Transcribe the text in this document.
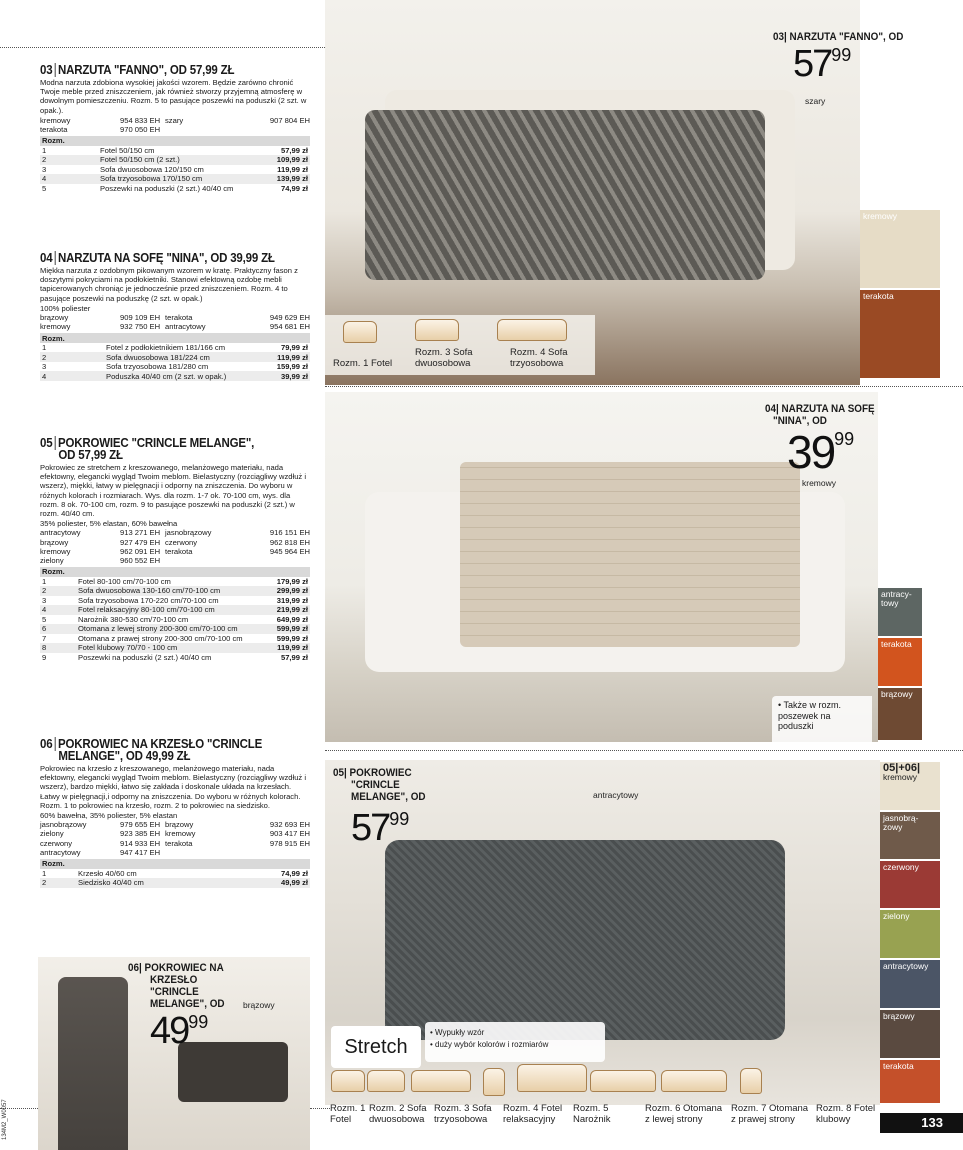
03 NARZUTA "FANNO", OD 57,99 ZŁ
Modna narzuta zdobiona wysokiej jakości wzorem. Będzie zarówno chronić Twoje meble przed zniszczeniem, jak również stworzy przyjemną atmosferę w dowolnym pomieszczeniu. Rozm. 5 to pasujące poszewki na poduszki (2 szt. w opak.).
kremowy	954 833 EH szary	907 804 EH
terakota	970 050 EH
Rozm.		
1	Fotel 50/150 cm	57,99 zł
2	Fotel 50/150 cm (2 szt.)	109,99 zł
3	Sofa dwuosobowa 120/150 cm	119,99 zł
4	Sofa trzyosobowa 170/150 cm	139,99 zł
5	Poszewki na poduszki (2 szt.) 40/40 cm	74,99 zł
04 NARZUTA NA SOFĘ "NINA", OD 39,99 ZŁ
Miękka narzuta z ozdobnym pikowanym wzorem w kratę. Praktyczny fason z doszytymi pokryciami na podłokietniki. Stanowi efektowną ozdobę mebli tapicerowanych chroniąc je jednocześnie przed zniszczeniem. Rozm. 4 to pasujące poszewki na poduszkę (2 szt. w opak.)
100% poliester
brązowy	909 109 EH terakota	949 629 EH
kremowy	932 750 EH antracytowy	954 681 EH
Rozm.		
1	Fotel z podłokietnikiem 181/166 cm	79,99 zł
2	Sofa dwuosobowa 181/224 cm	119,99 zł
3	Sofa trzyosobowa 181/280 cm	159,99 zł
4	Poduszka 40/40 cm (2 szt. w opak.)	39,99 zł
05 POKROWIEC "CRINCLE MELANGE",
OD 57,99 ZŁ
Pokrowiec ze stretchem z kreszowanego, melanżowego materiału, nada efektowny, elegancki wygląd Twoim meblom. Bielastyczny (rozciągliwy wzdłuż i wszerz), miękki, łatwy w pielęgnacji i odporny na zniszczenia. Do wyboru w różnych kolorach i rozmiarach. Wys. dla rozm. 1-7 ok. 70-100 cm, wys. dla rozm. 8 ok. 70-100 cm, rozm. 9 to pasujące poszewki na poduszki (2 szt.) w rozm. 40/40 cm.
35% poliester, 5% elastan, 60% bawełna
antracytowy	913 271 EH jasnobrązowy	916 151 EH
brązowy	927 479 EH czerwony	962 818 EH
kremowy	962 091 EH terakota	945 964 EH
zielony	960 552 EH
Rozm.		
1	Fotel 80-100 cm/70-100 cm	179,99 zł
2	Sofa dwuosobowa 130-160 cm/70-100 cm	299,99 zł
3	Sofa trzyosobowa 170-220 cm/70-100 cm	319,99 zł
4	Fotel relaksacyjny 80-100 cm/70-100 cm	219,99 zł
5	Narożnik 380-530 cm/70-100 cm	649,99 zł
6	Otomana z lewej strony 200-300 cm/70-100 cm	599,99 zł
7	Otomana z prawej strony 200-300 cm/70-100 cm	599,99 zł
8	Fotel klubowy 70/70 - 100 cm	119,99 zł
9	Poszewki na poduszki (2 szt.) 40/40 cm	57,99 zł
06 POKROWIEC NA KRZESŁO "CRINCLE
MELANGE", OD 49,99 ZŁ
Pokrowiec na krzesło z kreszowanego, melanżowego materiału, nada efektowny, elegancki wygląd Twoim meblom. Bielastyczny (rozciągliwy wzdłuż i wszerz), bardzo miękki, łatwo się zakłada i doskonale układa na krzesłach. Łatwy w pielęgnacji,i odporny na zniszczenia. Do wyboru w różnych kolorach. Rozm. 1 to pokrowiec na krzesło, rozm. 2 to pokrowiec na siedzisko.
60% bawełna, 35% poliester, 5% elastan
jasnobrązowy	979 655 EH brązowy	932 693 EH
zielony	923 385 EH kremowy	903 417 EH
czerwony	914 933 EH terakota	978 915 EH
antracytowy	947 417 EH
Rozm.		
1	Krzesło 40/60 cm	74,99 zł
2	Siedzisko 40/40 cm	49,99 zł
03| NARZUTA "FANNO", OD
$57^{99}$
szary
Rozm. 1 Fotel
Rozm. 3 Sofa dwuosobowa
Rozm. 4 Sofa trzyosobowa
kremowy
terakota
04| NARZUTA NA SOFĘ
"NINA", OD
$39^{99}$
kremowy
• Także w rozm. poszewek na poduszki
antracy-towy
terakota
brązowy
05| POKROWIEC
"CRINCLE
MELANGE", OD
$57^{99}$
antracytowy
Stretch
• Wypukły wzór
• duży wybór kolorów i rozmiarów
Rozm. 1 Fotel
Rozm. 2 Sofa dwuosobowa
Rozm. 3 Sofa trzyosobowa
Rozm. 4 Fotel relaksacyjny
Rozm. 5 Narożnik
Rozm. 6 Otomana z lewej strony
Rozm. 7 Otomana z prawej strony
Rozm. 8 Fotel klubowy
05|+06|
kremowy
jasnobrą-zowy
czerwony
zielony
antracytowy
brązowy
terakota
133
134M2_W0057
06| POKROWIEC NA
KRZESŁO
"CRINCLE
MELANGE", OD
$49^{99}$
brązowy
